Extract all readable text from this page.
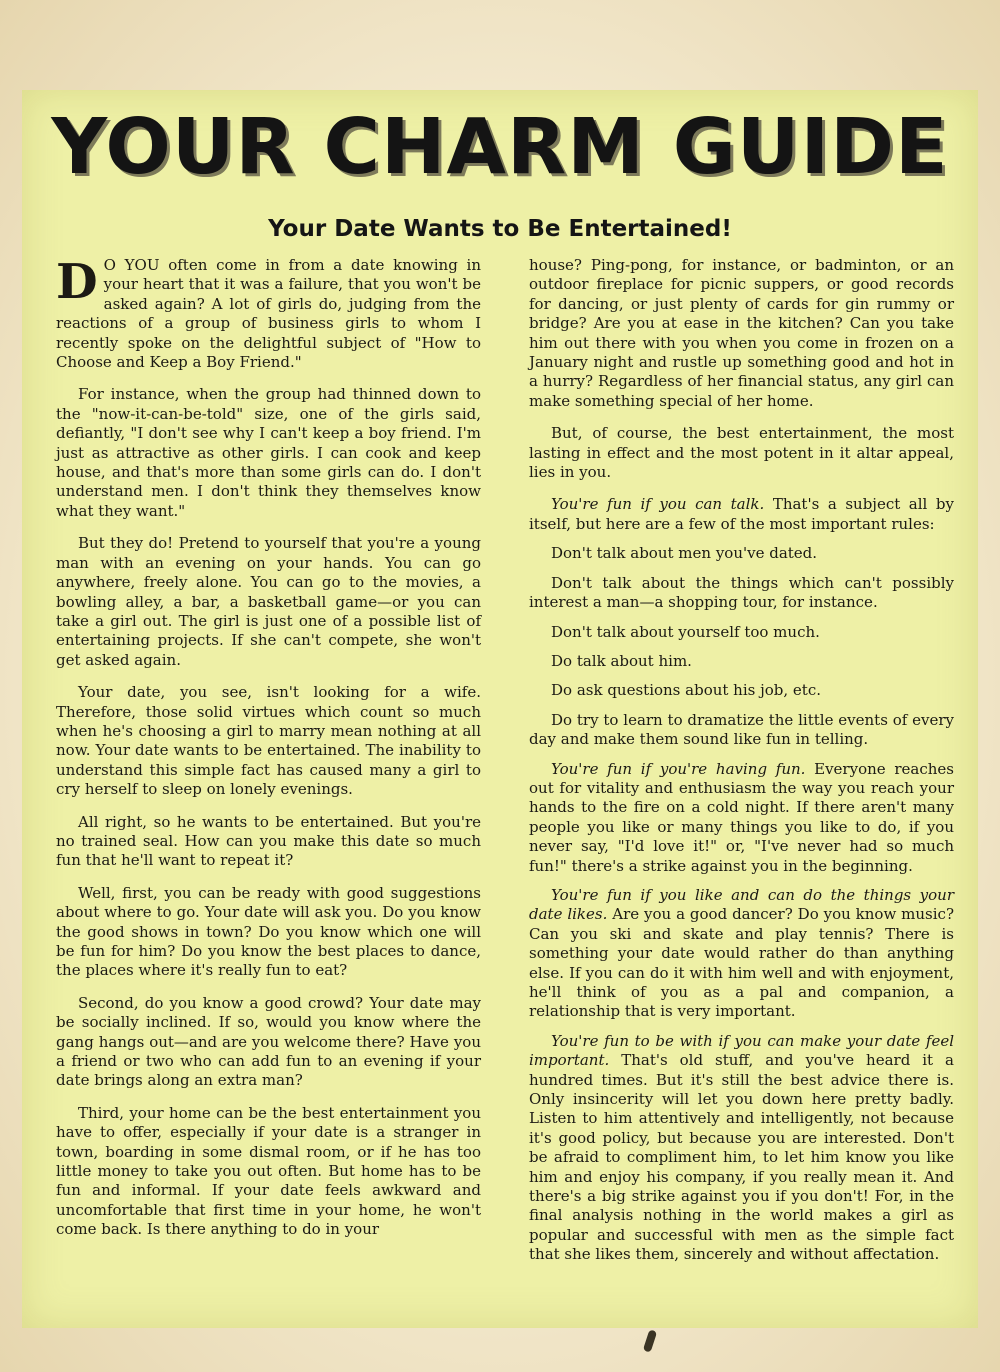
YOUR CHARM GUIDE
Your Date Wants to Be Entertained!

D O YOU often come in from a date knowing in your heart that it was a failure, that you won't be asked again? A lot of girls do, judging from the reactions of a group of business girls to whom I recently spoke on the delightful subject of "How to Choose and Keep a Boy Friend."

For instance, when the group had thinned down to the "now-it-can-be-told" size, one of the girls said, defiantly, "I don't see why I can't keep a boy friend. I'm just as attractive as other girls. I can cook and keep house, and that's more than some girls can do. I don't understand men. I don't think they themselves know what they want."

But they do! Pretend to yourself that you're a young man with an evening on your hands. You can go anywhere, freely alone. You can go to the movies, a bowling alley, a bar, a basketball game—or you can take a girl out. The girl is just one of a possible list of entertaining projects. If she can't compete, she won't get asked again.

Your date, you see, isn't looking for a wife. Therefore, those solid virtues which count so much when he's choosing a girl to marry mean nothing at all now. Your date wants to be entertained. The inability to understand this simple fact has caused many a girl to cry herself to sleep on lonely evenings.

All right, so he wants to be entertained. But you're no trained seal. How can you make this date so much fun that he'll want to repeat it?

Well, first, you can be ready with good suggestions about where to go. Your date will ask you. Do you know the good shows in town? Do you know which one will be fun for him? Do you know the best places to dance, the places where it's really fun to eat?

Second, do you know a good crowd? Your date may be socially inclined. If so, would you know where the gang hangs out—and are you welcome there? Have you a friend or two who can add fun to an evening if your date brings along an extra man?

Third, your home can be the best entertainment you have to offer, especially if your date is a stranger in town, boarding in some dismal room, or if he has too little money to take you out often. But home has to be fun and informal. If your date feels awkward and uncomfortable that first time in your home, he won't come back. Is there anything to do in your

house? Ping-pong, for instance, or badminton, or an outdoor fireplace for picnic suppers, or good records for dancing, or just plenty of cards for gin rummy or bridge? Are you at ease in the kitchen? Can you take him out there with you when you come in frozen on a January night and rustle up something good and hot in a hurry? Regardless of her financial status, any girl can make something special of her home.

But, of course, the best entertainment, the most lasting in effect and the most potent in it altar appeal, lies in you.

You're fun if you can talk. That's a subject all by itself, but here are a few of the most important rules:

Don't talk about men you've dated.

Don't talk about the things which can't possibly interest a man—a shopping tour, for instance.

Don't talk about yourself too much.

Do talk about him.

Do ask questions about his job, etc.

Do try to learn to dramatize the little events of every day and make them sound like fun in telling.

You're fun if you're having fun. Everyone reaches out for vitality and enthusiasm the way you reach your hands to the fire on a cold night. If there aren't many people you like or many things you like to do, if you never say, "I'd love it!" or, "I've never had so much fun!" there's a strike against you in the beginning.

You're fun if you like and can do the things your date likes. Are you a good dancer? Do you know music? Can you ski and skate and play tennis? There is something your date would rather do than anything else. If you can do it with him well and with enjoyment, he'll think of you as a pal and companion, a relationship that is very important.

You're fun to be with if you can make your date feel important. That's old stuff, and you've heard it a hundred times. But it's still the best advice there is. Only insincerity will let you down here pretty badly. Listen to him attentively and intelligently, not because it's good policy, but because you are interested. Don't be afraid to compliment him, to let him know you like him and enjoy his company, if you really mean it. And there's a big strike against you if you don't! For, in the final analysis nothing in the world makes a girl as popular and successful with men as the simple fact that she likes them, sincerely and without affectation.
